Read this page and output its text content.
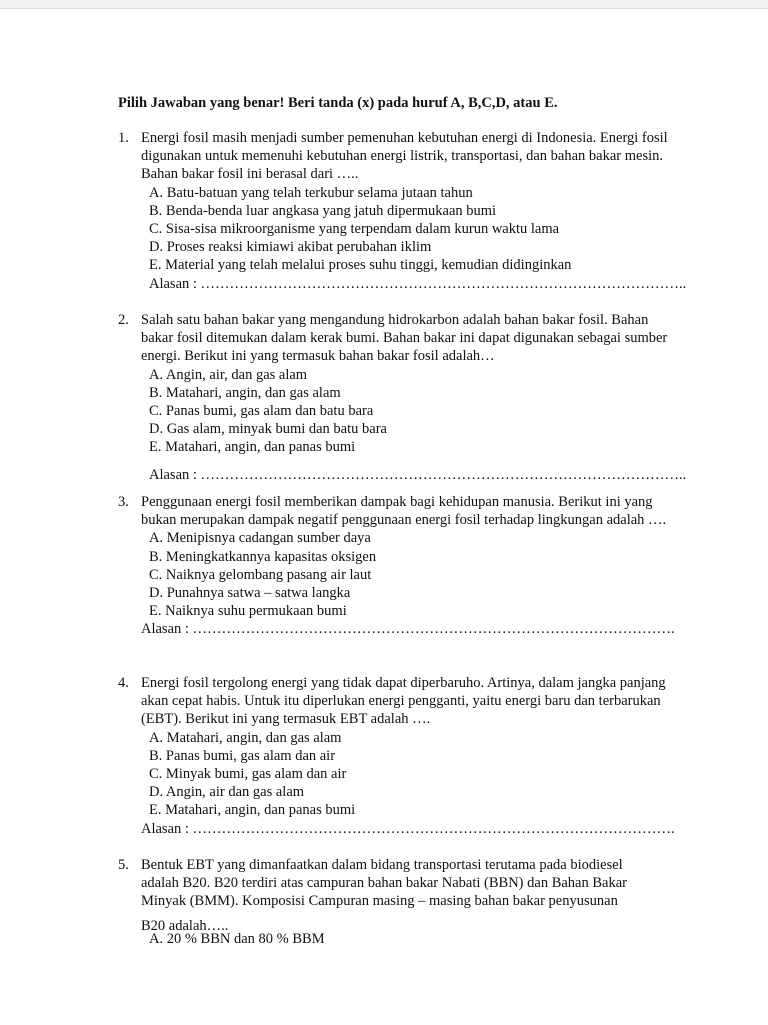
Pilih Jawaban yang benar! Beri tanda (x) pada huruf A, B,C,D, atau E.
1. Energi fosil masih menjadi sumber pemenuhan kebutuhan energi di Indonesia. Energi fosil digunakan untuk memenuhi kebutuhan energi listrik, transportasi, dan bahan bakar mesin. Bahan bakar fosil ini berasal dari …..
A. Batu-batuan yang telah terkubur selama jutaan tahun
B. Benda-benda luar angkasa yang jatuh dipermukaan bumi
C. Sisa-sisa mikroorganisme yang terpendam dalam kurun waktu lama
D. Proses reaksi kimiawi akibat perubahan iklim
E. Material yang telah melalui proses suhu tinggi, kemudian didinginkan
Alasan : ………………………………………………………………………………………..
2. Salah satu bahan bakar yang mengandung hidrokarbon adalah bahan bakar fosil. Bahan bakar fosil ditemukan dalam kerak bumi. Bahan bakar ini dapat digunakan sebagai sumber energi. Berikut ini yang termasuk bahan bakar fosil adalah…
A. Angin, air, dan gas alam
B. Matahari, angin, dan gas alam
C. Panas bumi, gas alam dan batu bara
D. Gas alam, minyak bumi dan batu bara
E. Matahari, angin, dan panas bumi
Alasan : ………………………………………………………………………………………..
3. Penggunaan energi fosil memberikan dampak bagi kehidupan manusia. Berikut ini yang bukan merupakan dampak negatif penggunaan energi fosil terhadap lingkungan adalah ….
A. Menipisnya cadangan sumber daya
B. Meningkatkannya kapasitas oksigen
C. Naiknya gelombang pasang air laut
D. Punahnya satwa – satwa langka
E. Naiknya suhu permukaan bumi
Alasan : ……………………………………………………………………………………….
4. Energi fosil tergolong energi yang tidak dapat diperbaruho. Artinya, dalam jangka panjang akan cepat habis. Untuk itu diperlukan energi pengganti, yaitu energi baru dan terbarukan (EBT). Berikut ini yang termasuk EBT adalah ….
A. Matahari, angin, dan gas alam
B. Panas bumi, gas alam dan air
C. Minyak bumi, gas alam dan air
D. Angin, air dan gas alam
E. Matahari, angin, dan panas bumi
Alasan : ……………………………………………………………………………………….
5. Bentuk EBT yang dimanfaatkan dalam bidang transportasi terutama pada biodiesel
adalah B20. B20 terdiri atas campuran bahan bakar Nabati (BBN) dan Bahan Bakar
Minyak (BMM). Komposisi Campuran masing – masing bahan bakar penyusunan
B20 adalah…..
A. 20 % BBN dan 80 % BBM
